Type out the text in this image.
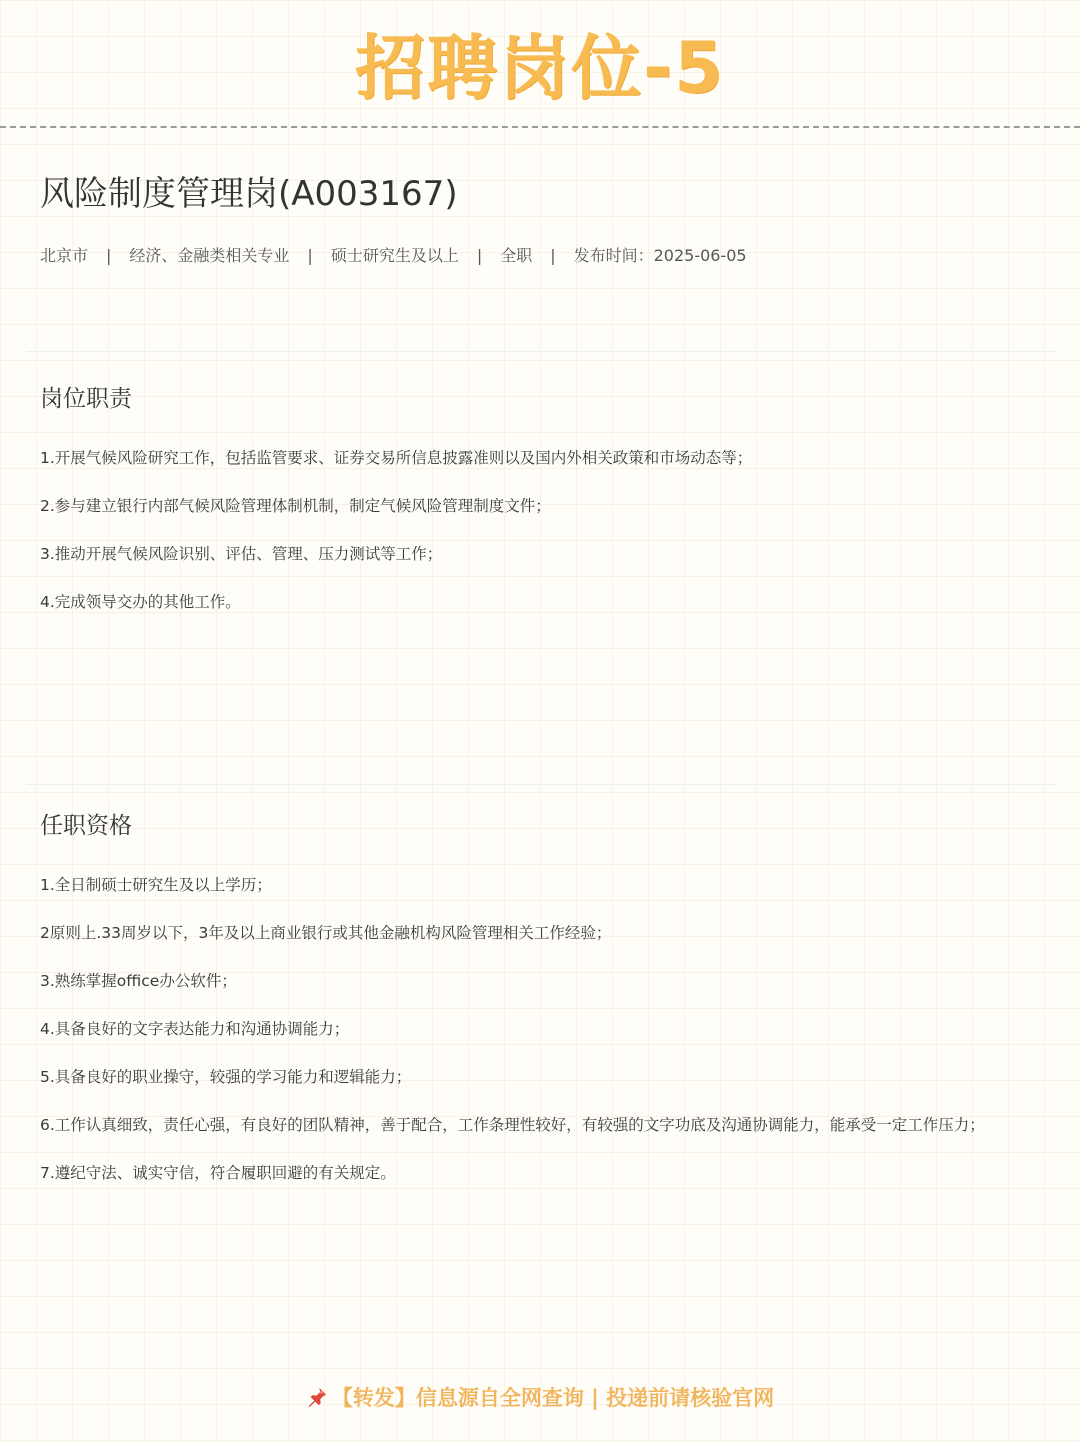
招聘岗位-5
风险制度管理岗(A003167)
北京市 | 经济、金融类相关专业 | 硕士研究生及以上 | 全职 | 发布时间：2025-06-05
岗位职责
1.开展气候风险研究工作，包括监管要求、证券交易所信息披露准则以及国内外相关政策和市场动态等；
2.参与建立银行内部气候风险管理体制机制，制定气候风险管理制度文件；
3.推动开展气候风险识别、评估、管理、压力测试等工作；
4.完成领导交办的其他工作。
任职资格
1.全日制硕士研究生及以上学历；
2原则上.33周岁以下，3年及以上商业银行或其他金融机构风险管理相关工作经验；
3.熟练掌握office办公软件；
4.具备良好的文字表达能力和沟通协调能力；
5.具备良好的职业操守，较强的学习能力和逻辑能力；
6.工作认真细致，责任心强，有良好的团队精神，善于配合，工作条理性较好，有较强的文字功底及沟通协调能力，能承受一定工作压力；
7.遵纪守法、诚实守信，符合履职回避的有关规定。
【转发】信息源自全网查询 | 投递前请核验官网
